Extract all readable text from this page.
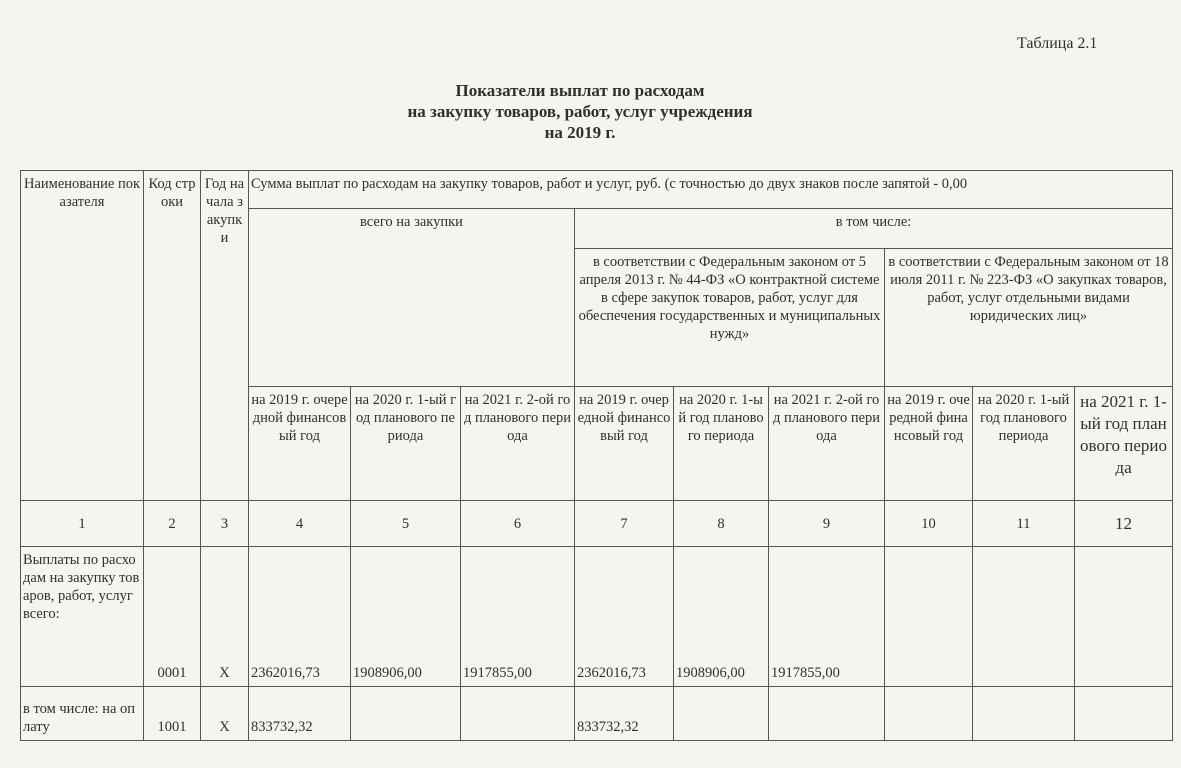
Таблица 2.1
Показатели выплат по расходам
на закупку товаров, работ, услуг учреждения
на 2019 г.
Наименование показателя	Код строки	Год начала закупки	Сумма выплат по расходам на закупку товаров, работ и услуг, руб. (с точностью до двух знаков после запятой - 0,00								
			всего на закупки			в том числе:					
						в соответствии с Федеральным законом от 5 апреля 2013 г. № 44-ФЗ «О контрактной системе в сфере закупок товаров, работ, услуг для обеспечения государственных и муниципальных нужд»			в соответствии с Федеральным законом от 18 июля 2011 г. № 223-ФЗ «О закупках товаров, работ, услуг отдельными видами юридических лиц»		
			на 2019 г. очередной финансовый год	на 2020 г. 1-ый год планового периода	на 2021 г. 2-ой год планового периода	на 2019 г. очередной финансовый год	на 2020 г. 1-ый год планового периода	на 2021 г. 2-ой год планового периода	на 2019 г. очередной финансовый год	на 2020 г. 1-ый год планового периода	на 2021 г. 1-ый год планового периода
1	2	3	4	5	6	7	8	9	10	11	12
Выплаты по расходам на закупку товаров, работ, услуг всего:	0001	Х	2362016,73	1908906,00	1917855,00	2362016,73	1908906,00	1917855,00			
в том числе: на оплату	1001	Х	833732,32			833732,32					
